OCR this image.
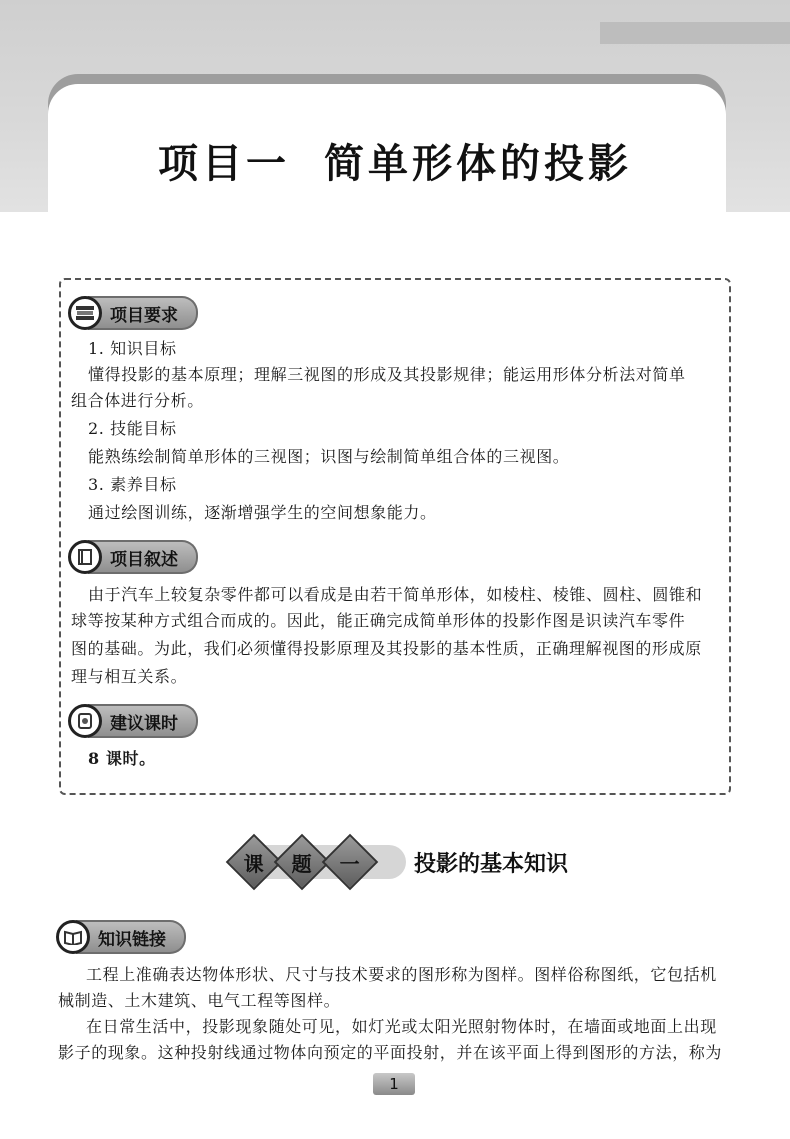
项目一 简单形体的投影
项目要求
1. 知识目标
懂得投影的基本原理；理解三视图的形成及其投影规律；能运用形体分析法对简单
组合体进行分析。
2. 技能目标
能熟练绘制简单形体的三视图；识图与绘制简单组合体的三视图。
3. 素养目标
通过绘图训练，逐渐增强学生的空间想象能力。
项目叙述
由于汽车上较复杂零件都可以看成是由若干简单形体，如棱柱、棱锥、圆柱、圆锥和
球等按某种方式组合而成的。因此，能正确完成简单形体的投影作图是识读汽车零件
图的基础。为此，我们必须懂得投影原理及其投影的基本性质，正确理解视图的形成原
理与相互关系。
建议课时
8 课时。
课 题 一 投影的基本知识
知识链接
工程上准确表达物体形状、尺寸与技术要求的图形称为图样。图样俗称图纸，它包括机
械制造、土木建筑、电气工程等图样。
在日常生活中，投影现象随处可见，如灯光或太阳光照射物体时，在墙面或地面上出现
影子的现象。这种投射线通过物体向预定的平面投射，并在该平面上得到图形的方法，称为
1
